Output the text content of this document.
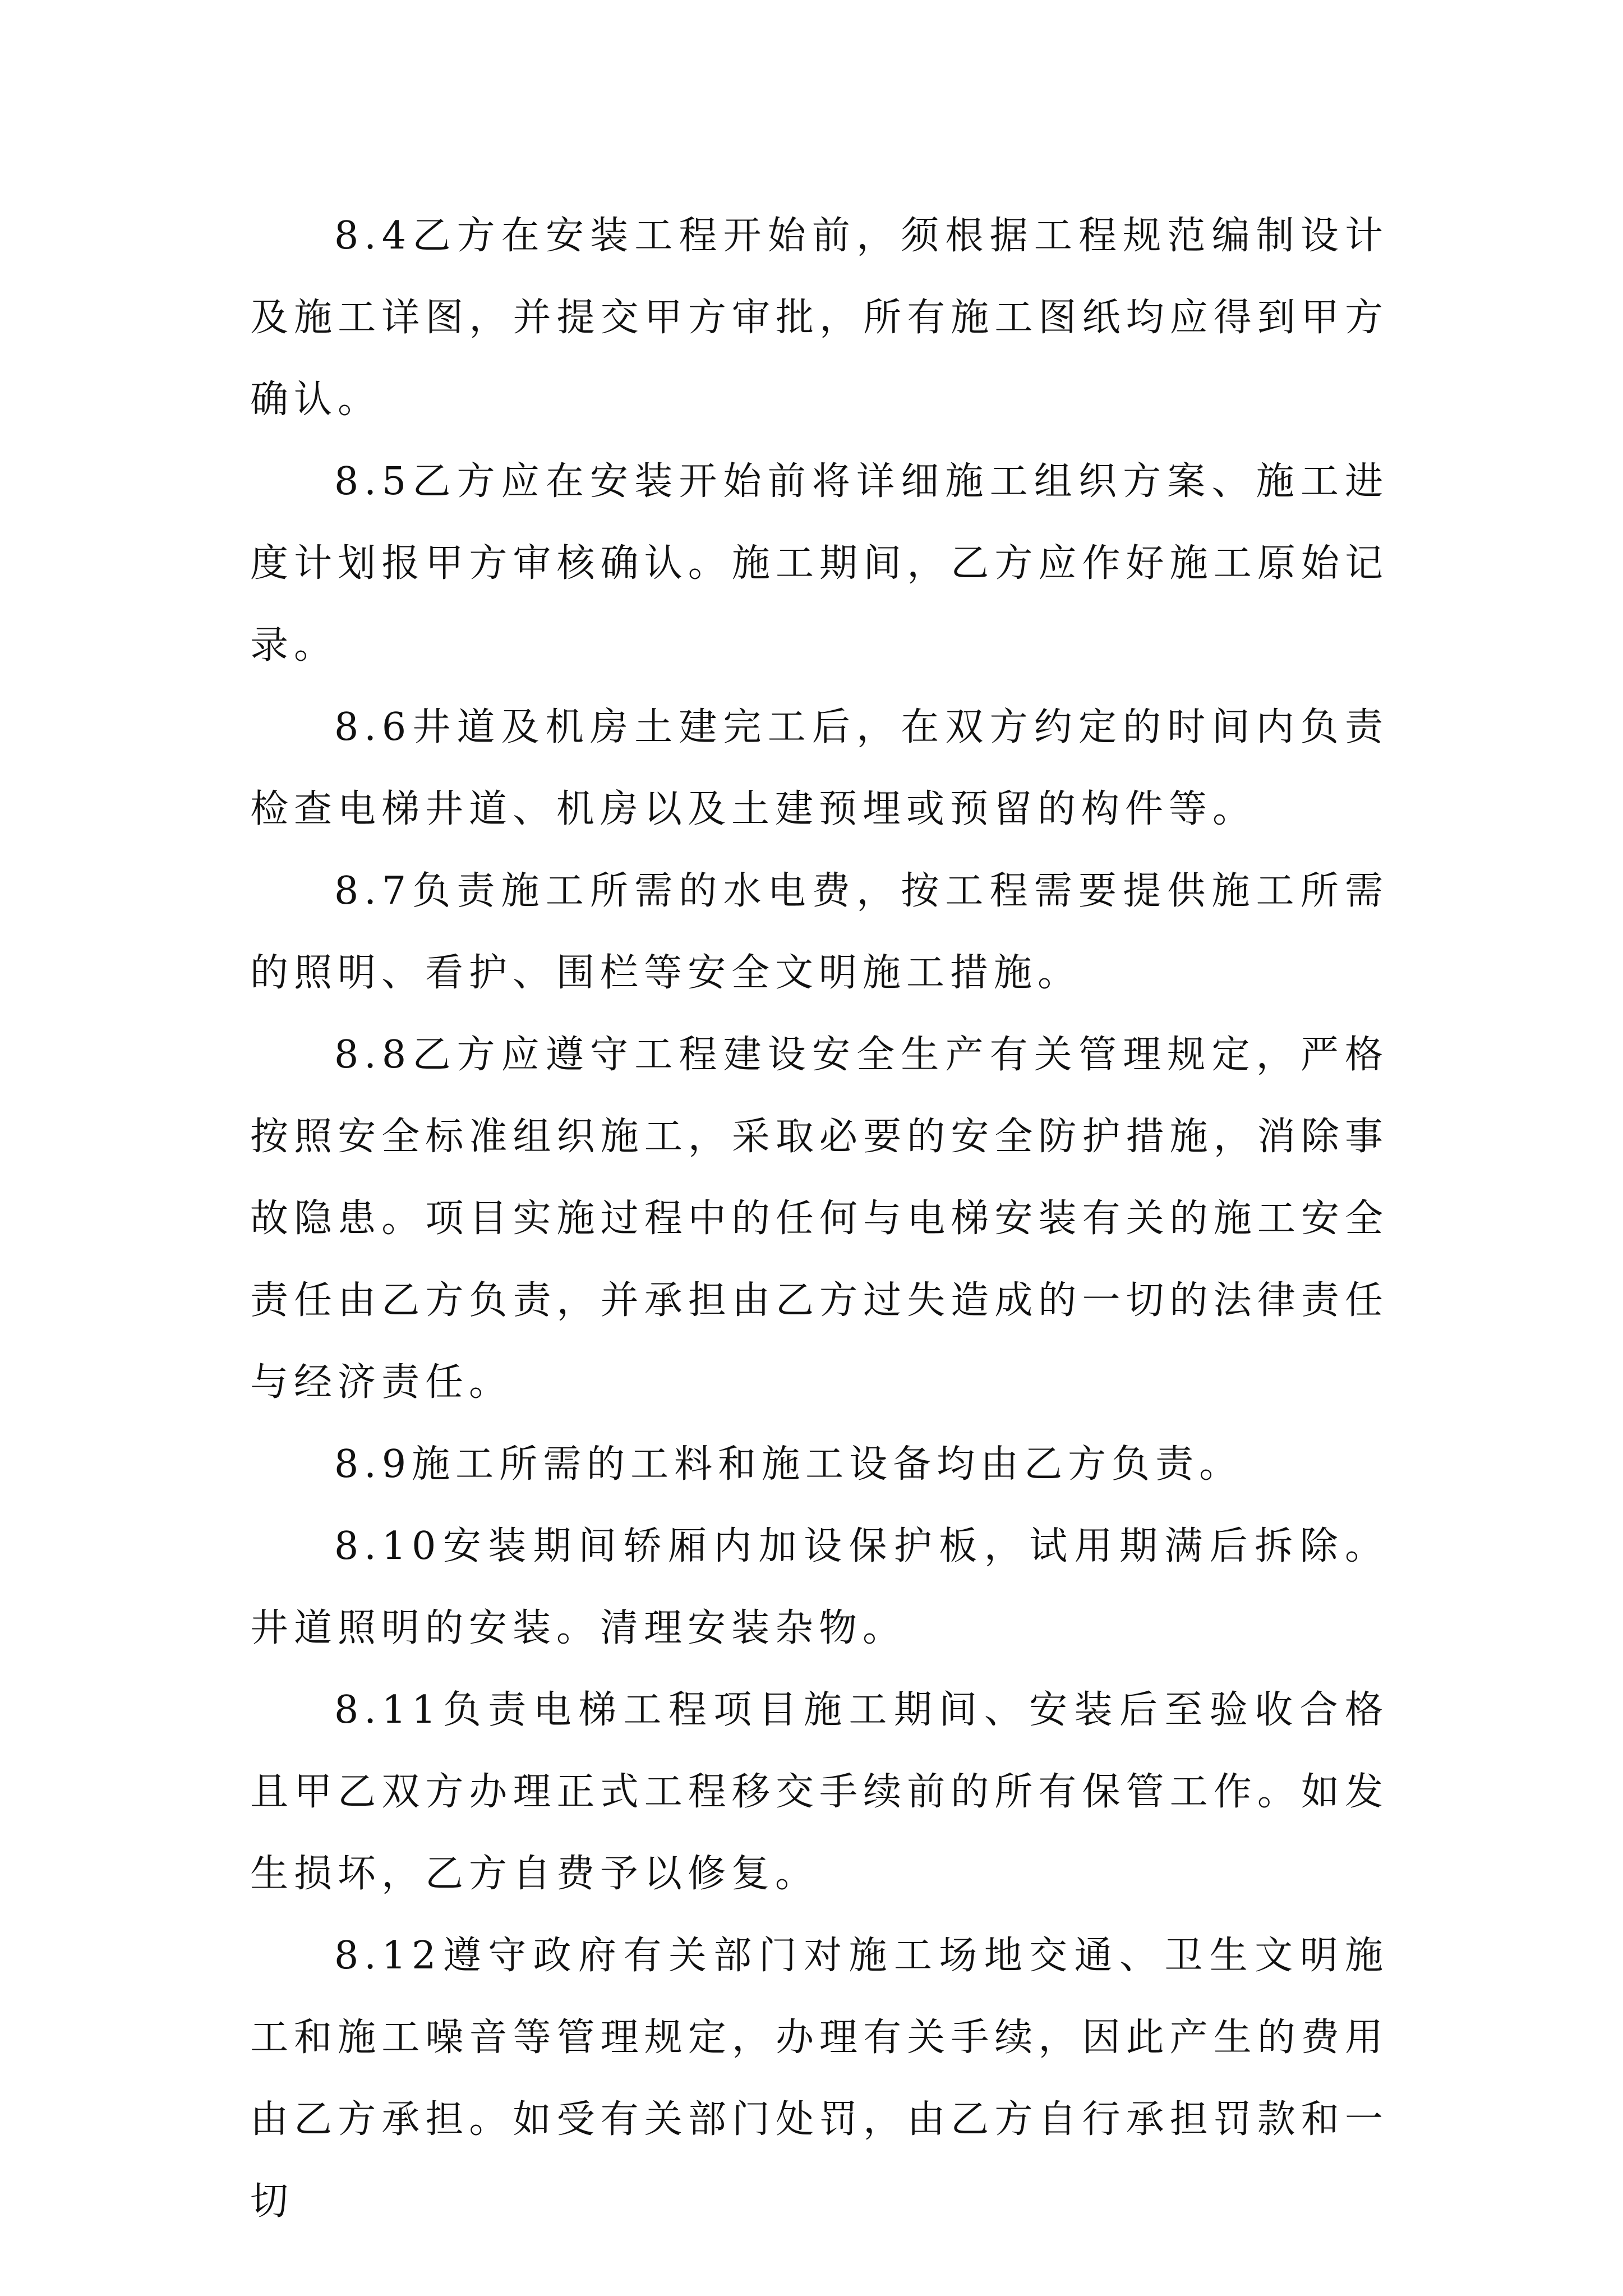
8.4乙方在安装工程开始前，须根据工程规范编制设计及施工详图，并提交甲方审批，所有施工图纸均应得到甲方确认。

8.5乙方应在安装开始前将详细施工组织方案、施工进度计划报甲方审核确认。施工期间，乙方应作好施工原始记录。

8.6井道及机房土建完工后，在双方约定的时间内负责检查电梯井道、机房以及土建预埋或预留的构件等。

8.7负责施工所需的水电费，按工程需要提供施工所需的照明、看护、围栏等安全文明施工措施。

8.8乙方应遵守工程建设安全生产有关管理规定，严格按照安全标准组织施工，采取必要的安全防护措施，消除事故隐患。项目实施过程中的任何与电梯安装有关的施工安全责任由乙方负责，并承担由乙方过失造成的一切的法律责任与经济责任。

8.9施工所需的工料和施工设备均由乙方负责。

8.10安装期间轿厢内加设保护板，试用期满后拆除。井道照明的安装。清理安装杂物。

8.11负责电梯工程项目施工期间、安装后至验收合格且甲乙双方办理正式工程移交手续前的所有保管工作。如发生损坏，乙方自费予以修复。

8.12遵守政府有关部门对施工场地交通、卫生文明施工和施工噪音等管理规定，办理有关手续，因此产生的费用由乙方承担。如受有关部门处罚，由乙方自行承担罚款和一切
